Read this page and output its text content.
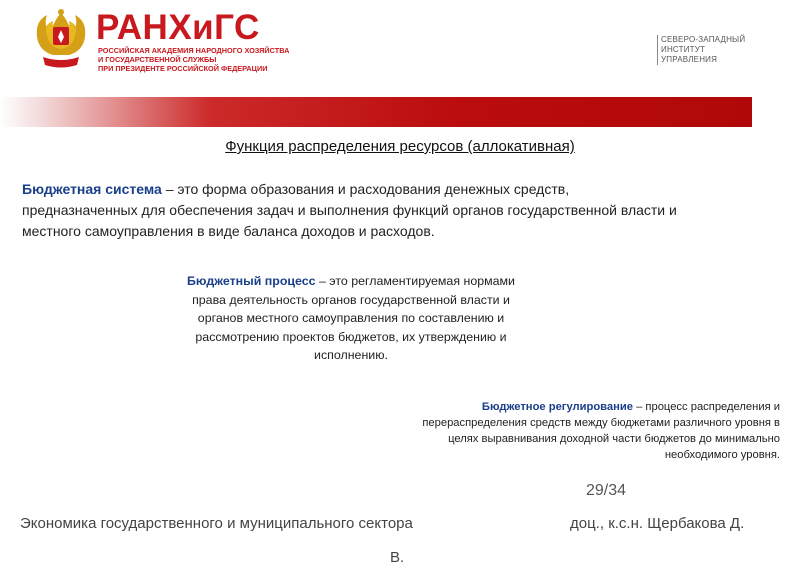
РАНХиГС
РОССИЙСКАЯ АКАДЕМИЯ НАРОДНОГО ХОЗЯЙСТВА
И ГОСУДАРСТВЕННОЙ СЛУЖБЫ
ПРИ ПРЕЗИДЕНТЕ РОССИЙСКОЙ ФЕДЕРАЦИИ
СЕВЕРО-ЗАПАДНЫЙ
ИНСТИТУТ
УПРАВЛЕНИЯ
Функция распределения ресурсов (аллокативная)
Бюджетная система – это форма образования и расходования денежных средств, предназначенных для обеспечения задач и выполнения функций органов государственной власти и местного самоуправления в виде баланса доходов и расходов.
Бюджетный процесс – это регламентируемая нормами права деятельность органов государственной власти и органов местного самоуправления по составлению и рассмотрению проектов бюджетов, их утверждению и исполнению.
Бюджетное регулирование – процесс распределения и перераспределения средств между бюджетами различного уровня в целях выравнивания доходной части бюджетов до минимально необходимого уровня.
29/34
Экономика государственного и муниципального сектора	доц., к.с.н. Щербакова Д.
В.
